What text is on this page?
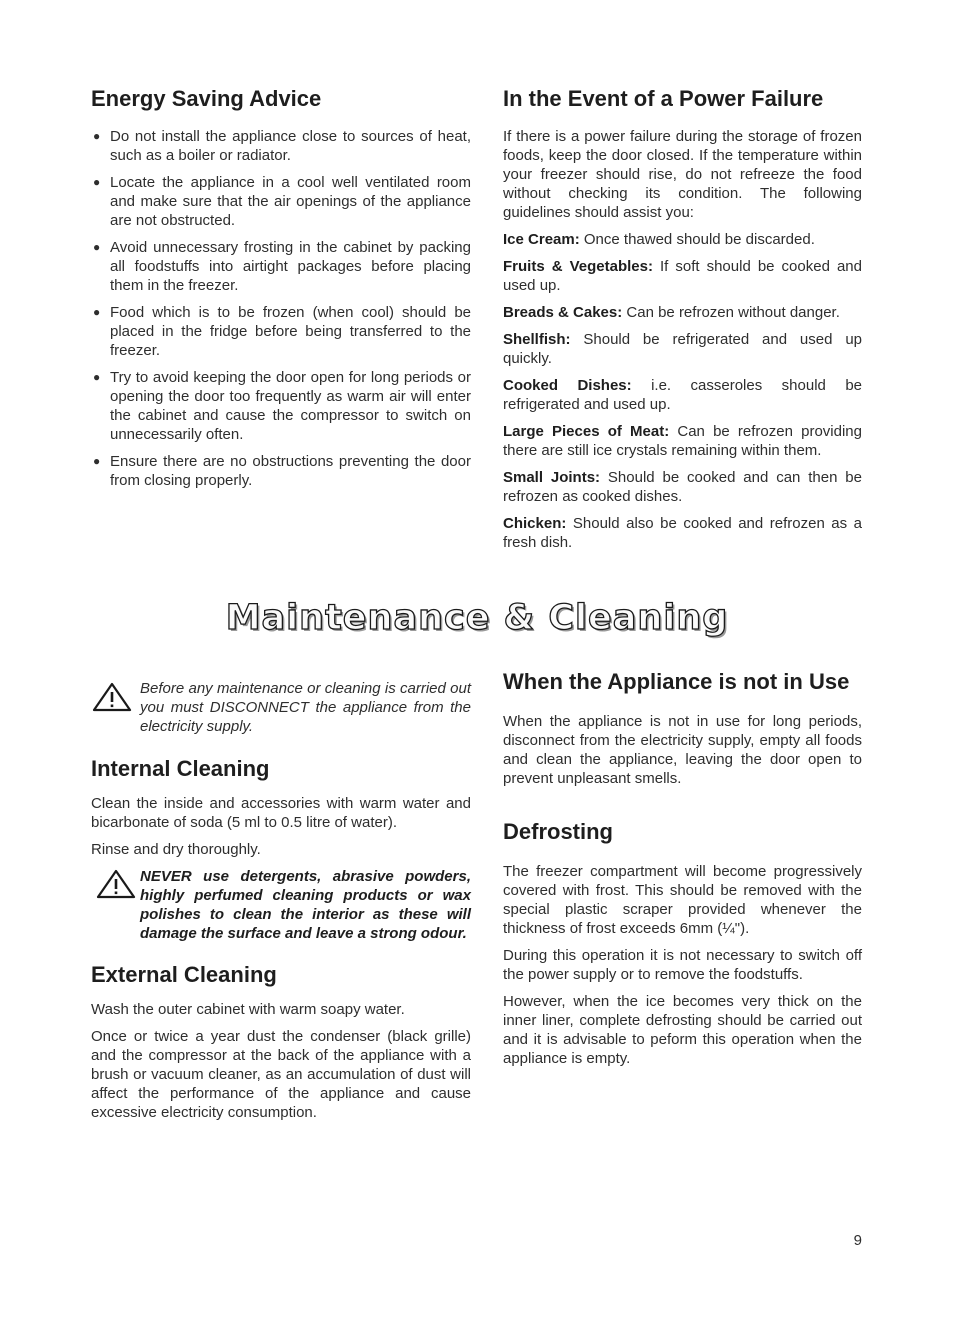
Energy Saving Advice
● Do not install the appliance close to sources of heat, such as a boiler or radiator.
● Locate the appliance in a cool well ventilated room and make sure that the air openings of the appliance are not obstructed.
● Avoid unnecessary frosting in the cabinet by packing all foodstuffs into airtight packages before placing them in the freezer.
● Food which is to be frozen (when cool) should be placed in the fridge before being transferred to the freezer.
● Try to avoid keeping the door open for long periods or opening the door too frequently as warm air will enter the cabinet and cause the compressor to switch on unnecessarily often.
● Ensure there are no obstructions preventing the door from closing properly.
In the Event of a Power Failure

If there is a power failure during the storage of frozen foods, keep the door closed. If the temperature within your freezer should rise, do not refreeze the food without checking its condition. The following guidelines should assist you:

Ice Cream: Once thawed should be discarded.

Fruits & Vegetables: If soft should be cooked and used up.

Breads & Cakes: Can be refrozen without danger.

Shellfish: Should be refrigerated and used up quickly.

Cooked Dishes: i.e. casseroles should be refrigerated and used up.

Large Pieces of Meat: Can be refrozen providing there are still ice crystals remaining within them.

Small Joints: Should be cooked and can then be refrozen as cooked dishes.

Chicken: Should also be cooked and refrozen as a fresh dish.

Maintenance & Cleaning

Before any maintenance or cleaning is carried out you must DISCONNECT the appliance from the electricity supply.

Internal Cleaning

Clean the inside and accessories with warm water and bicarbonate of soda (5 ml to 0.5 litre of water).

Rinse and dry thoroughly.

NEVER use detergents, abrasive powders, highly perfumed cleaning products or wax polishes to clean the interior as these will damage the surface and leave a strong odour.

External Cleaning

Wash the outer cabinet with warm soapy water.

Once or twice a year dust the condenser (black grille) and the compressor at the back of the appliance with a brush or vacuum cleaner, as an accumulation of dust will affect the performance of the appliance and cause excessive electricity consumption.

When the Appliance is not in Use

When the appliance is not in use for long periods, disconnect from the electricity supply, empty all foods and clean the appliance, leaving the door open to prevent unpleasant smells.

Defrosting

The freezer compartment will become progressively covered with frost. This should be removed with the special plastic scraper provided whenever the thickness of frost exceeds 6mm (¼").

During this operation it is not necessary to switch off the power supply or to remove the foodstuffs.

However, when the ice becomes very thick on the inner liner, complete defrosting should be carried out and it is advisable to peform this operation when the appliance is empty.

9
